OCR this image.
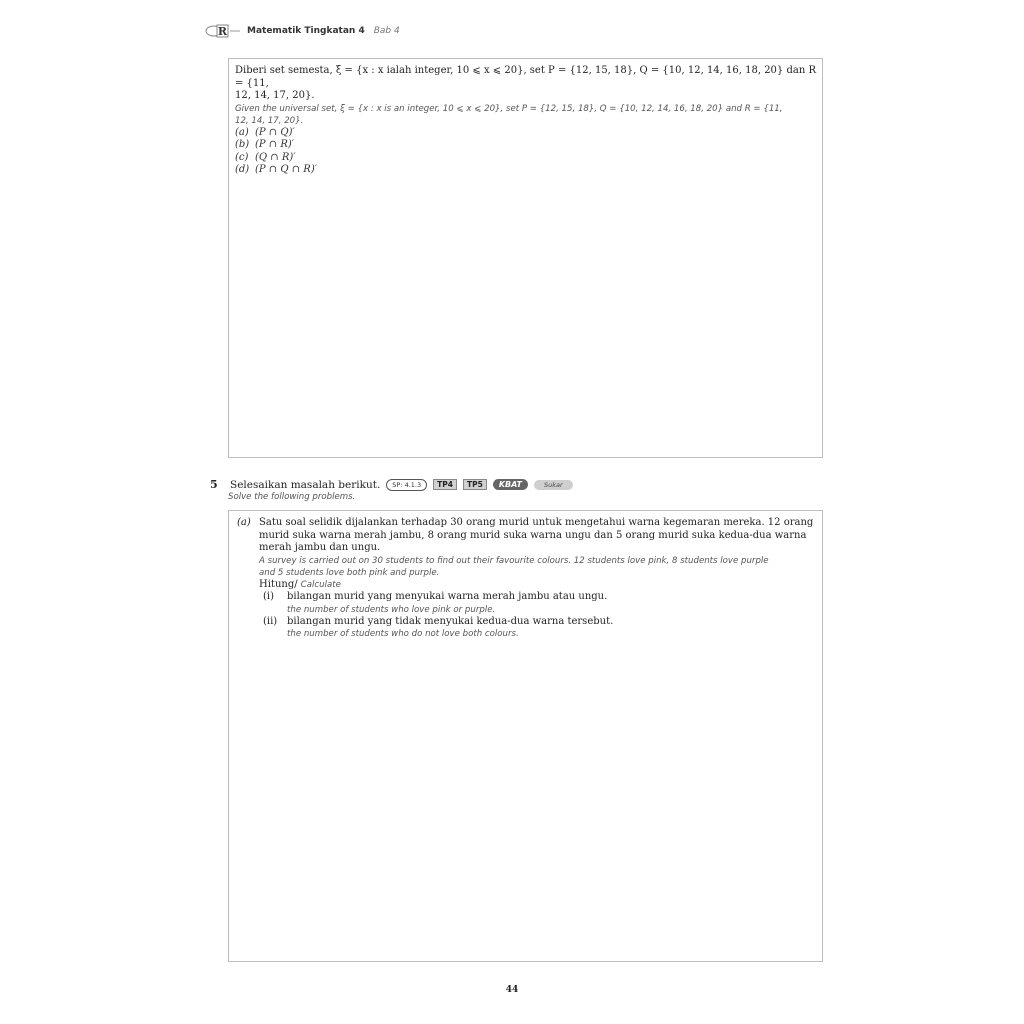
R Matematik Tingkatan 4 Bab 4
Diberi set semesta, ξ = {x : x ialah integer, 10 ⩽ x ⩽ 20}, set P = {12, 15, 18}, Q = {10, 12, 14, 16, 18, 20} dan R = {11,
12, 14, 17, 20}.
Given the universal set, ξ = {x : x is an integer, 10 ⩽ x ⩽ 20}, set P = {12, 15, 18}, Q = {10, 12, 14, 16, 18, 20} and R = {11,
12, 14, 17, 20}.
(a) (P ∩ Q)′
(b) (P ∩ R)′
(c) (Q ∩ R)′
(d) (P ∩ Q ∩ R)′
5	Selesaikan masalah berikut.	SP: 4.1.3	TP4	TP5	KBAT	Sukar
Solve the following problems.
(a) Satu soal selidik dijalankan terhadap 30 orang murid untuk mengetahui warna kegemaran mereka. 12 orang
murid suka warna merah jambu, 8 orang murid suka warna ungu dan 5 orang murid suka kedua-dua warna
merah jambu dan ungu.
A survey is carried out on 30 students to find out their favourite colours. 12 students love pink, 8 students love purple
and 5 students love both pink and purple.
Hitung/ Calculate
(i)	bilangan murid yang menyukai warna merah jambu atau ungu.
the number of students who love pink or purple.
(ii) bilangan murid yang tidak menyukai kedua-dua warna tersebut.
the number of students who do not love both colours.
44
